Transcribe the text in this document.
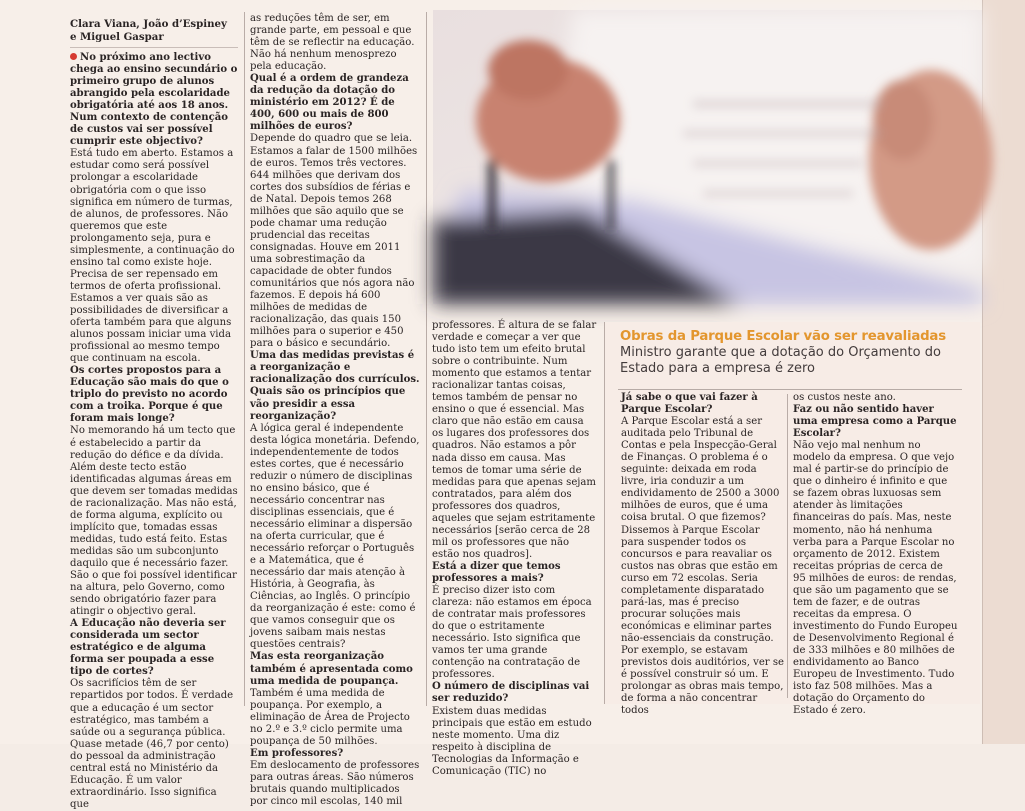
Clara Viana, João d’Espiney
e Miguel Gaspar

No próximo ano lectivo chega ao ensino secundário o primeiro grupo de alunos abrangido pela escolaridade obrigatória até aos 18 anos. Num contexto de contenção de custos vai ser possível cumprir este objectivo?

Está tudo em aberto. Estamos a estudar como será possível prolongar a escolaridade obrigatória com o que isso significa em número de turmas, de alunos, de professores. Não queremos que este prolongamento seja, pura e simplesmente, a continuação do ensino tal como existe hoje. Precisa de ser repensado em termos de oferta profissional. Estamos a ver quais são as possibilidades de diversificar a oferta também para que alguns alunos possam iniciar uma vida profissional ao mesmo tempo que continuam na escola.

Os cortes propostos para a Educação são mais do que o triplo do previsto no acordo com a troika. Porque é que foram mais longe?

No memorando há um tecto que é estabelecido a partir da redução do défice e da dívida. Além deste tecto estão identificadas algumas áreas em que devem ser tomadas medidas de racionalização. Mas não está, de forma alguma, explícito ou implícito que, tomadas essas medidas, tudo está feito. Estas medidas são um subconjunto daquilo que é necessário fazer. São o que foi possível identificar na altura, pelo Governo, como sendo obrigatório fazer para atingir o objectivo geral.

A Educação não deveria ser considerada um sector estratégico e de alguma forma ser poupada a esse tipo de cortes?

Os sacrifícios têm de ser repartidos por todos. É verdade que a educação é um sector estratégico, mas também a saúde ou a segurança pública. Quase metade (46,7 por cento) do pessoal da administração central está no Ministério da Educação. É um valor extraordinário. Isso significa que

as reduções têm de ser, em grande parte, em pessoal e que têm de se reflectir na educação. Não há nenhum menosprezo pela educação.

Qual é a ordem de grandeza da redução da dotação do ministério em 2012? É de 400, 600 ou mais de 800 milhões de euros?

Depende do quadro que se leia. Estamos a falar de 1500 milhões de euros. Temos três vectores. 644 milhões que derivam dos cortes dos subsídios de férias e de Natal. Depois temos 268 milhões que são aquilo que se pode chamar uma redução prudencial das receitas consignadas. Houve em 2011 uma sobrestimação da capacidade de obter fundos comunitários que nós agora não fazemos. E depois há 600 milhões de medidas de racionalização, das quais 150 milhões para o superior e 450 para o básico e secundário.

Uma das medidas previstas é a reorganização e racionalização dos currículos. Quais são os princípios que vão presidir a essa reorganização?

A lógica geral é independente desta lógica monetária. Defendo, independentemente de todos estes cortes, que é necessário reduzir o número de disciplinas no ensino básico, que é necessário concentrar nas disciplinas essenciais, que é necessário eliminar a dispersão na oferta curricular, que é necessário reforçar o Português e a Matemática, que é necessário dar mais atenção à História, à Geografia, às Ciências, ao Inglês. O princípio da reorganização é este: como é que vamos conseguir que os jovens saibam mais nestas questões centrais?

Mas esta reorganização também é apresentada como uma medida de poupança.

Também é uma medida de poupança. Por exemplo, a eliminação de Área de Projecto no 2.º e 3.º ciclo permite uma poupança de 50 milhões.

Em professores?

Em deslocamento de professores para outras áreas. São números brutais quando multiplicados por cinco mil escolas, 140 mil

professores. É altura de se falar verdade e começar a ver que tudo isto tem um efeito brutal sobre o contribuinte. Num momento que estamos a tentar racionalizar tantas coisas, temos também de pensar no ensino o que é essencial. Mas claro que não estão em causa os lugares dos professores dos quadros. Não estamos a pôr nada disso em causa. Mas temos de tomar uma série de medidas para que apenas sejam contratados, para além dos professores dos quadros, aqueles que sejam estritamente necessários [serão cerca de 28 mil os professores que não estão nos quadros].

Está a dizer que temos professores a mais?

É preciso dizer isto com clareza: não estamos em época de contratar mais professores do que o estritamente necessário. Isto significa que vamos ter uma grande contenção na contratação de professores.

O número de disciplinas vai ser reduzido?

Existem duas medidas principais que estão em estudo neste momento. Uma diz respeito à disciplina de Tecnologias da Informação e Comunicação (TIC) no

Obras da Parque Escolar vão ser reavaliadas
Ministro garante que a dotação do Orçamento do Estado para a empresa é zero

Já sabe o que vai fazer à Parque Escolar?

A Parque Escolar está a ser auditada pelo Tribunal de Contas e pela Inspecção-Geral de Finanças. O problema é o seguinte: deixada em roda livre, iria conduzir a um endividamento de 2500 a 3000 milhões de euros, que é uma coisa brutal. O que fizemos? Dissemos à Parque Escolar para suspender todos os concursos e para reavaliar os custos nas obras que estão em curso em 72 escolas. Seria completamente disparatado pará-las, mas é preciso procurar soluções mais económicas e eliminar partes não-essenciais da construção. Por exemplo, se estavam previstos dois auditórios, ver se é possível construir só um. E prolongar as obras mais tempo, de forma a não concentrar todos

os custos neste ano.

Faz ou não sentido haver uma empresa como a Parque Escolar?

Não vejo mal nenhum no modelo da empresa. O que vejo mal é partir-se do princípio de que o dinheiro é infinito e que se fazem obras luxuosas sem atender às limitações financeiras do país. Mas, neste momento, não há nenhuma verba para a Parque Escolar no orçamento de 2012. Existem receitas próprias de cerca de 95 milhões de euros: de rendas, que são um pagamento que se tem de fazer, e de outras receitas da empresa. O investimento do Fundo Europeu de Desenvolvimento Regional é de 333 milhões e 80 milhões de endividamento ao Banco Europeu de Investimento. Tudo isto faz 508 milhões. Mas a dotação do Orçamento do Estado é zero.
